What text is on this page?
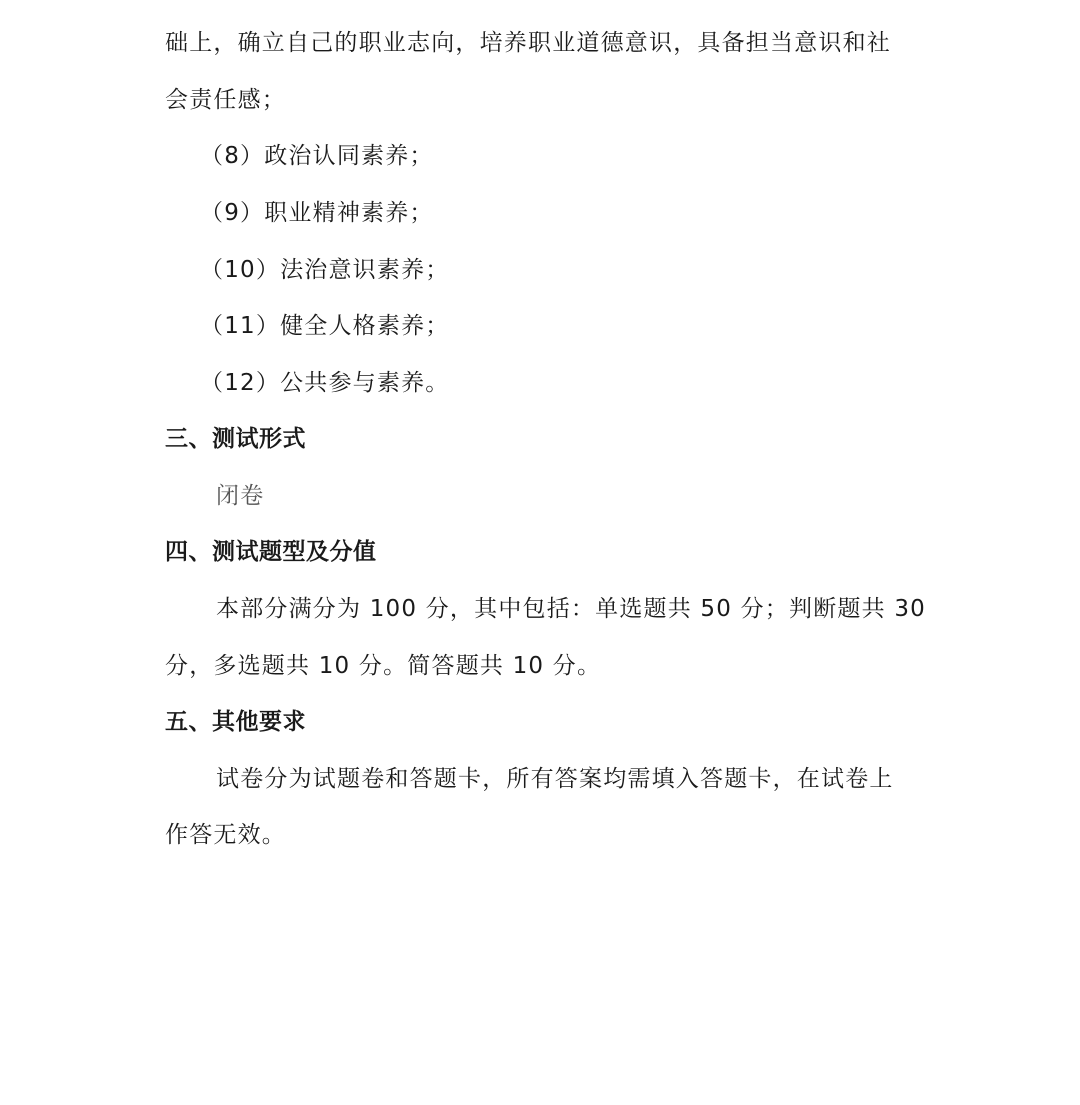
础上，确立自己的职业志向，培养职业道德意识，具备担当意识和社
会责任感；
（8）政治认同素养；
（9）职业精神素养；
（10）法治意识素养；
（11）健全人格素养；
（12）公共参与素养。
三、测试形式
闭卷
四、测试题型及分值
本部分满分为 100 分，其中包括：单选题共 50 分；判断题共 30
分，多选题共 10 分。简答题共 10 分。
五、其他要求
试卷分为试题卷和答题卡，所有答案均需填入答题卡，在试卷上
作答无效。
